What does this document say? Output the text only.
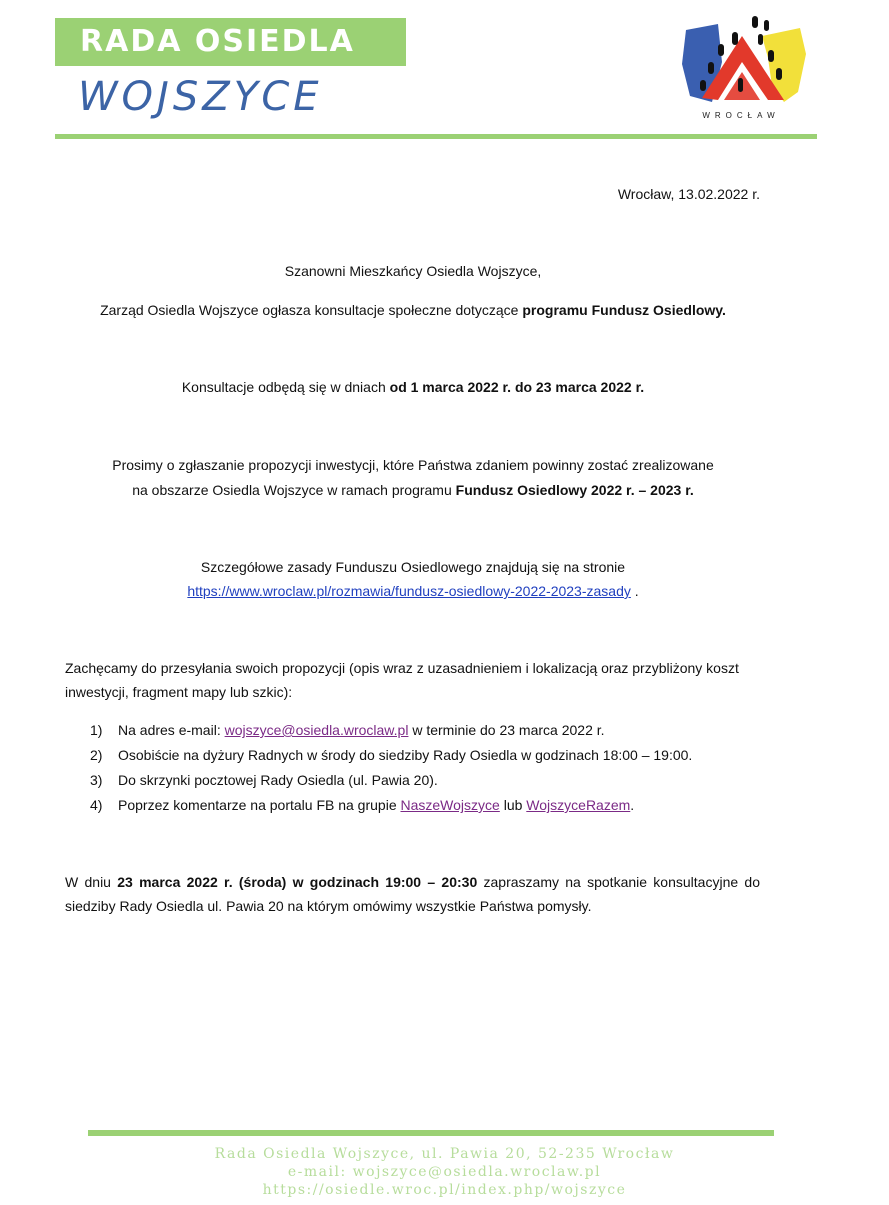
RADA OSIEDLA
WOJSZYCE	WROCŁAW
Wrocław, 13.02.2022 r.
Szanowni Mieszkańcy Osiedla Wojszyce,
Zarząd Osiedla Wojszyce ogłasza konsultacje społeczne dotyczące programu Fundusz Osiedlowy.
Konsultacje odbędą się w dniach od 1 marca 2022 r. do 23 marca 2022 r.
Prosimy o zgłaszanie propozycji inwestycji, które Państwa zdaniem powinny zostać zrealizowane
na obszarze Osiedla Wojszyce w ramach programu Fundusz Osiedlowy 2022 r. – 2023 r.
Szczegółowe zasady Funduszu Osiedlowego znajdują się na stronie
https://www.wroclaw.pl/rozmawia/fundusz-osiedlowy-2022-2023-zasady .
Zachęcamy do przesyłania swoich propozycji (opis wraz z uzasadnieniem i lokalizacją oraz przybliżony koszt inwestycji, fragment mapy lub szkic):
1) Na adres e-mail: wojszyce@osiedla.wroclaw.pl w terminie do 23 marca 2022 r.
2) Osobiście na dyżury Radnych w środy do siedziby Rady Osiedla w godzinach 18:00 – 19:00.
3) Do skrzynki pocztowej Rady Osiedla (ul. Pawia 20).
4) Poprzez komentarze na portalu FB na grupie NaszeWojszyce lub WojszyceRazem.
W dniu 23 marca 2022 r. (środa) w godzinach 19:00 – 20:30 zapraszamy na spotkanie konsultacyjne do siedziby Rady Osiedla ul. Pawia 20 na którym omówimy wszystkie Państwa pomysły.
Rada Osiedla Wojszyce, ul. Pawia 20, 52-235 Wrocław
e-mail: wojszyce@osiedla.wroclaw.pl
https://osiedle.wroc.pl/index.php/wojszyce
